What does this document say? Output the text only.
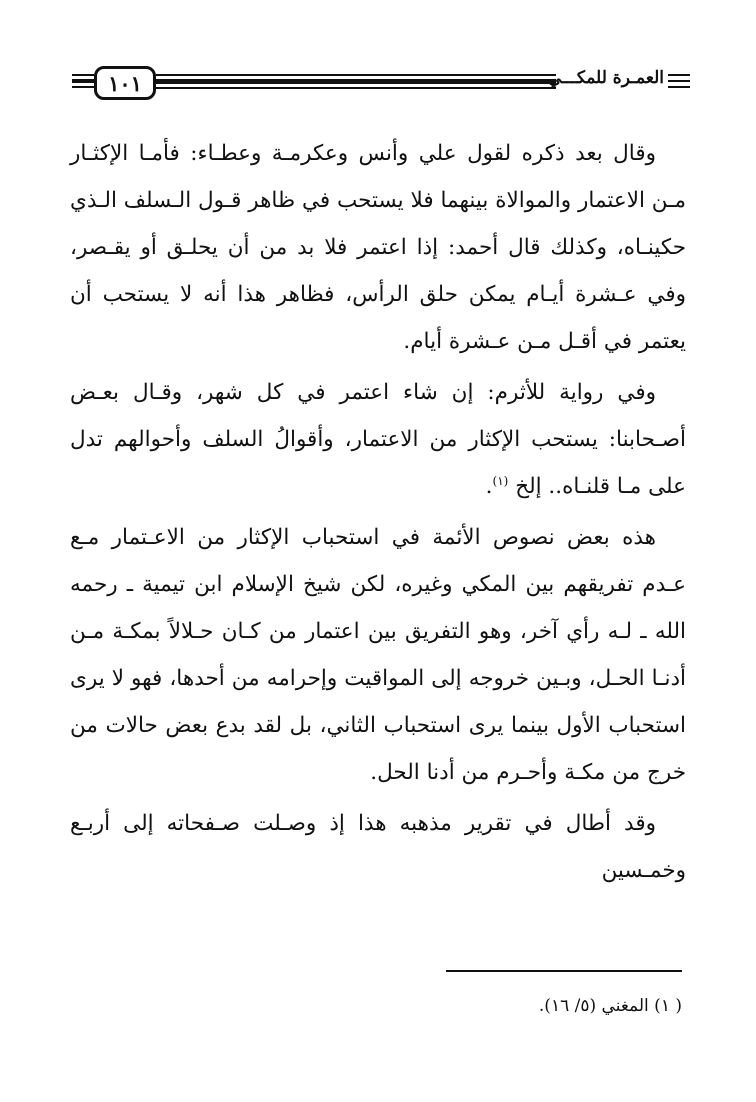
١٠١	العمـرة للمكـــي

وقال بعد ذكره لقول علي وأنس وعكرمـة وعطـاء: فأمـا الإكثـار مـن الاعتمار والموالاة بينهما فلا يستحب في ظاهر قـول الـسلف الـذي حكينـاه، وكذلك قال أحمد: إذا اعتمر فلا بد من أن يحلـق أو يقـصر، وفي عـشرة أيـام يمكن حلق الرأس، فظاهر هذا أنه لا يستحب أن يعتمر في أقـل مـن عـشرة أيام.

وفي رواية للأثرم: إن شاء اعتمر في كل شهر، وقـال بعـض أصـحابنا: يستحب الإكثار من الاعتمار، وأقوالُ السلف وأحوالهم تدل على مـا قلنـاه.. إلخ $^{(١)}$.

هذه بعض نصوص الأئمة في استحباب الإكثار من الاعـتمار مـع عـدم تفريقهم بين المكي وغيره، لكن شيخ الإسلام ابن تيمية ـ رحمه الله ـ لـه رأي آخر، وهو التفريق بين اعتمار من كـان حـلالاً بمكـة مـن أدنـا الحـل، وبـين خروجه إلى المواقيت وإحرامه من أحدها، فهو لا يرى استحباب الأول بينما يرى استحباب الثاني، بل لقد بدع بعض حالات من خرج من مكـة وأحـرم من أدنا الحل.

وقد أطال في تقرير مذهبه هذا إذ وصـلت صـفحاته إلى أربـع وخمـسين

( ١) المغني (٥/ ١٦).
